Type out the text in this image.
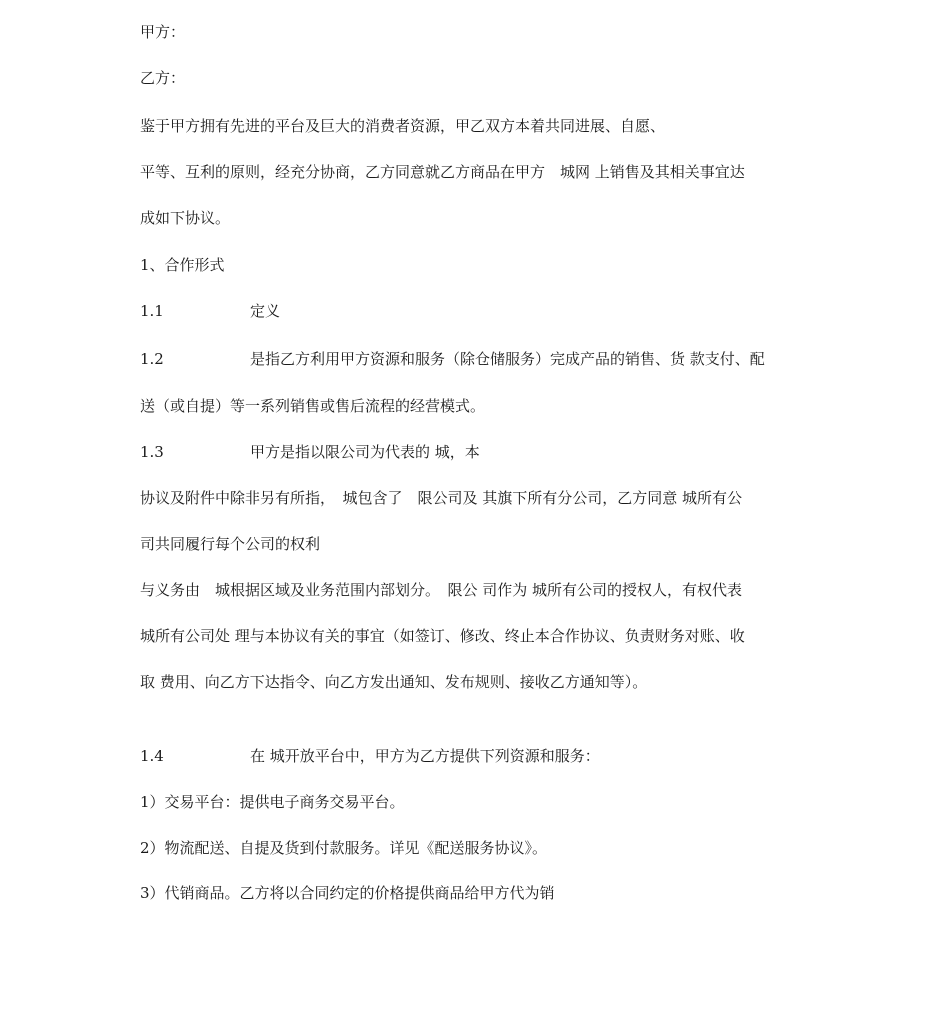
甲方：
乙方：
鉴于甲方拥有先进的平台及巨大的消费者资源，甲乙双方本着共同进展、自愿、
平等、互利的原则，经充分协商，乙方同意就乙方商品在甲方　城网 上销售及其相关事宜达
成如下协议。
1、合作形式
1.1	定义
1.2	是指乙方利用甲方资源和服务（除仓储服务）完成产品的销售、货 款支付、配
送（或自提）等一系列销售或售后流程的经营模式。
1.3	甲方是指以限公司为代表的 城，本
协议及附件中除非另有所指，　城包含了　限公司及 其旗下所有分公司，乙方同意 城所有公
司共同履行每个公司的权利
与义务由　城根据区域及业务范围内部划分。　限公 司作为 城所有公司的授权人，有权代表
城所有公司处 理与本协议有关的事宜（如签订、修改、终止本合作协议、负责财务对账、收
取 费用、向乙方下达指令、向乙方发出通知、发布规则、接收乙方通知等）。
1.4	在 城开放平台中，甲方为乙方提供下列资源和服务：
1）交易平台：提供电子商务交易平台。
2）物流配送、自提及货到付款服务。详见《配送服务协议》。
3）代销商品。乙方将以合同约定的价格提供商品给甲方代为销
